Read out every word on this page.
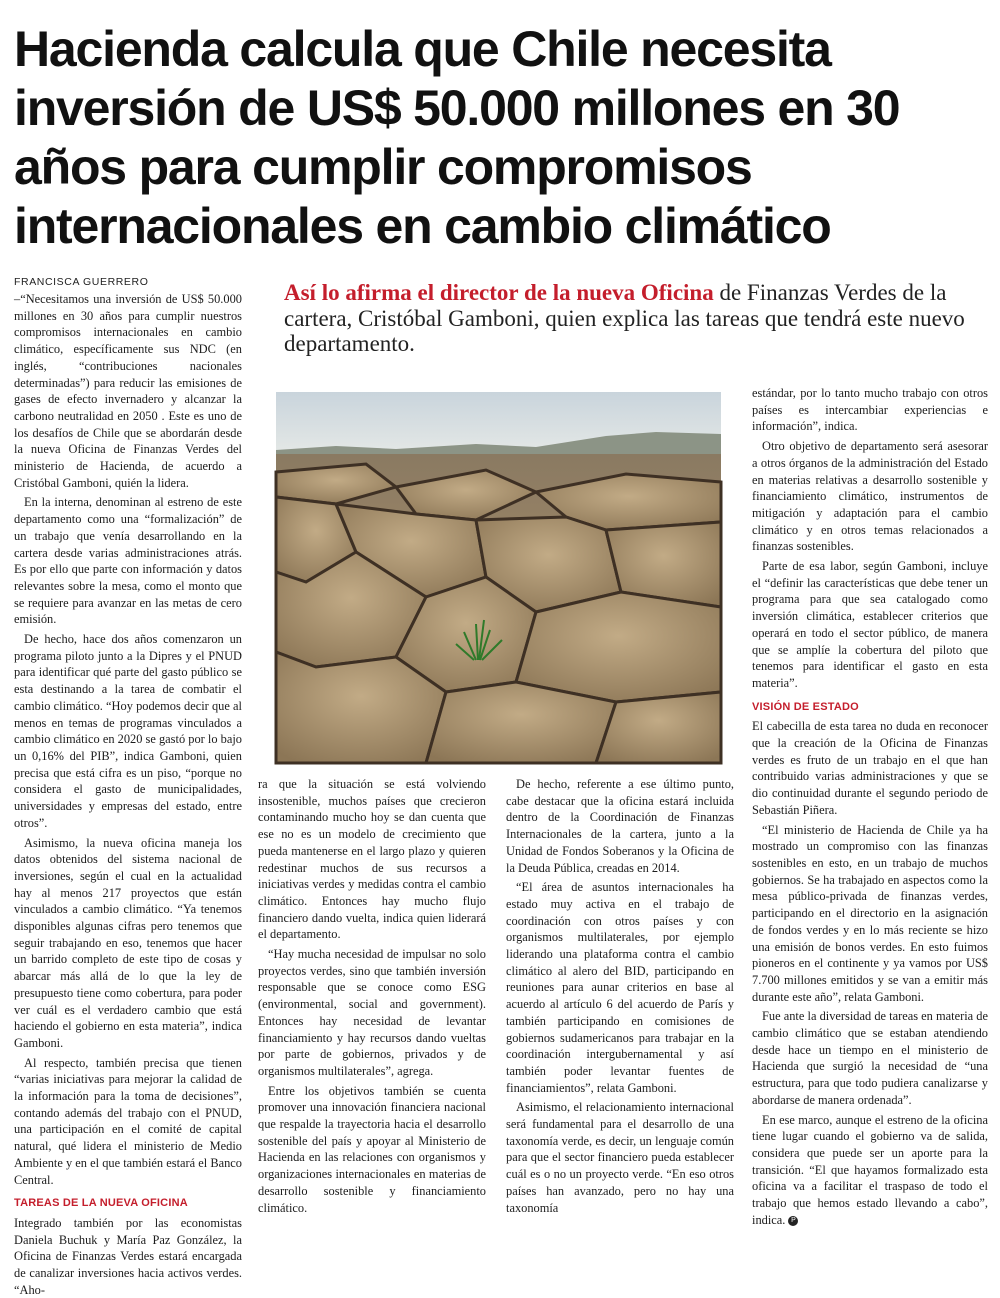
Hacienda calcula que Chile necesita inversión de US$ 50.000 millones en 30 años para cumplir compromisos internacionales en cambio climático
FRANCISCA GUERRERO	Así lo afirma el director de la nueva Oficina de Finanzas Verdes de la cartera, Cristóbal Gamboni, quien explica las tareas que tendrá este nuevo departamento.

–“Necesitamos una inversión de US$ 50.000 millones en 30 años para cumplir nuestros compromisos internacionales en cambio climático, específicamente sus NDC (en inglés, “contribuciones nacionales determinadas”) para reducir las emisiones de gases de efecto invernadero y alcanzar la carbono neutralidad en 2050 . Este es uno de los desafíos de Chile que se abordarán desde la nueva Oficina de Finanzas Verdes del ministerio de Hacienda, de acuerdo a Cristóbal Gamboni, quién la lidera.

En la interna, denominan al estreno de este departamento como una “formalización” de un trabajo que venía desarrollando en la cartera desde varias administraciones atrás. Es por ello que parte con información y datos relevantes sobre la mesa, como el monto que se requiere para avanzar en las metas de cero emisión.

De hecho, hace dos años comenzaron un programa piloto junto a la Dipres y el PNUD para identificar qué parte del gasto público se esta destinando a la tarea de combatir el cambio climático. “Hoy podemos decir que al menos en temas de programas vinculados a cambio climático en 2020 se gastó por lo bajo un 0,16% del PIB”, indica Gamboni, quien precisa que está cifra es un piso, “porque no considera el gasto de municipalidades, universidades y empresas del estado, entre otros”.

Asimismo, la nueva oficina maneja los datos obtenidos del sistema nacional de inversiones, según el cual en la actualidad hay al menos 217 proyectos que están vinculados a cambio climático. “Ya tenemos disponibles algunas cifras pero tenemos que seguir trabajando en eso, tenemos que hacer un barrido completo de este tipo de cosas y abarcar más allá de lo que la ley de presupuesto tiene como cobertura, para poder ver cuál es el verdadero cambio que está haciendo el gobierno en esta materia”, indica Gamboni.

Al respecto, también precisa que tienen “varias iniciativas para mejorar la calidad de la información para la toma de decisiones”, contando además del trabajo con el PNUD, una participación en el comité de capital natural, qué lidera el ministerio de Medio Ambiente y en el que también estará el Banco Central.

TAREAS DE LA NUEVA OFICINA

Integrado también por las economistas Daniela Buchuk y María Paz González, la Oficina de Finanzas Verdes estará encargada de canalizar inversiones hacia activos verdes. “Aho-

ra que la situación se está volviendo insostenible, muchos países que crecieron contaminando mucho hoy se dan cuenta que ese no es un modelo de crecimiento que pueda mantenerse en el largo plazo y quieren redestinar muchos de sus recursos a iniciativas verdes y medidas contra el cambio climático. Entonces hay mucho flujo financiero dando vuelta, indica quien liderará el departamento.

“Hay mucha necesidad de impulsar no solo proyectos verdes, sino que también inversión responsable que se conoce como ESG (environmental, social and government). Entonces hay necesidad de levantar financiamiento y hay recursos dando vueltas por parte de gobiernos, privados y de organismos multilaterales”, agrega.

Entre los objetivos también se cuenta promover una innovación financiera nacional que respalde la trayectoria hacia el desarrollo sostenible del país y apoyar al Ministerio de Hacienda en las relaciones con organismos y organizaciones internacionales en materias de desarrollo sostenible y financiamiento climático.

De hecho, referente a ese último punto, cabe destacar que la oficina estará incluida dentro de la Coordinación de Finanzas Internacionales de la cartera, junto a la Unidad de Fondos Soberanos y la Oficina de la Deuda Pública, creadas en 2014.

“El área de asuntos internacionales ha estado muy activa en el trabajo de coordinación con otros países y con organismos multilaterales, por ejemplo liderando una plataforma contra el cambio climático al alero del BID, participando en reuniones para aunar criterios en base al acuerdo al artículo 6 del acuerdo de París y también participando en comisiones de gobiernos sudamericanos para trabajar en la coordinación intergubernamental y así también poder levantar fuentes de financiamientos”, relata Gamboni.

Asimismo, el relacionamiento internacional será fundamental para el desarrollo de una taxonomía verde, es decir, un lenguaje común para que el sector financiero pueda establecer cuál es o no un proyecto verde. “En eso otros países han avanzado, pero no hay una taxonomía

estándar, por lo tanto mucho trabajo con otros países es intercambiar experiencias e información”, indica.

Otro objetivo de departamento será asesorar a otros órganos de la administración del Estado en materias relativas a desarrollo sostenible y financiamiento climático, instrumentos de mitigación y adaptación para el cambio climático y en otros temas relacionados a finanzas sostenibles.

Parte de esa labor, según Gamboni, incluye el “definir las características que debe tener un programa para que sea catalogado como inversión climática, establecer criterios que operará en todo el sector público, de manera que se amplíe la cobertura del piloto que tenemos para identificar el gasto en esta materia”.

VISIÓN DE ESTADO

El cabecilla de esta tarea no duda en reconocer que la creación de la Oficina de Finanzas verdes es fruto de un trabajo en el que han contribuido varias administraciones y que se dio continuidad durante el segundo periodo de Sebastián Piñera.

“El ministerio de Hacienda de Chile ya ha mostrado un compromiso con las finanzas sostenibles en esto, en un trabajo de muchos gobiernos. Se ha trabajado en aspectos como la mesa público-privada de finanzas verdes, participando en el directorio en la asignación de fondos verdes y en lo más reciente se hizo una emisión de bonos verdes. En esto fuimos pioneros en el continente y ya vamos por US$ 7.700 millones emitidos y se van a emitir más durante este año”, relata Gamboni.

Fue ante la diversidad de tareas en materia de cambio climático que se estaban atendiendo desde hace un tiempo en el ministerio de Hacienda que surgió la necesidad de “una estructura, para que todo pudiera canalizarse y abordarse de manera ordenada”.

En ese marco, aunque el estreno de la oficina tiene lugar cuando el gobierno va de salida, considera que puede ser un aporte para la transición. “El que hayamos formalizado esta oficina va a facilitar el traspaso de todo el trabajo que hemos estado llevando a cabo”, indica. P
